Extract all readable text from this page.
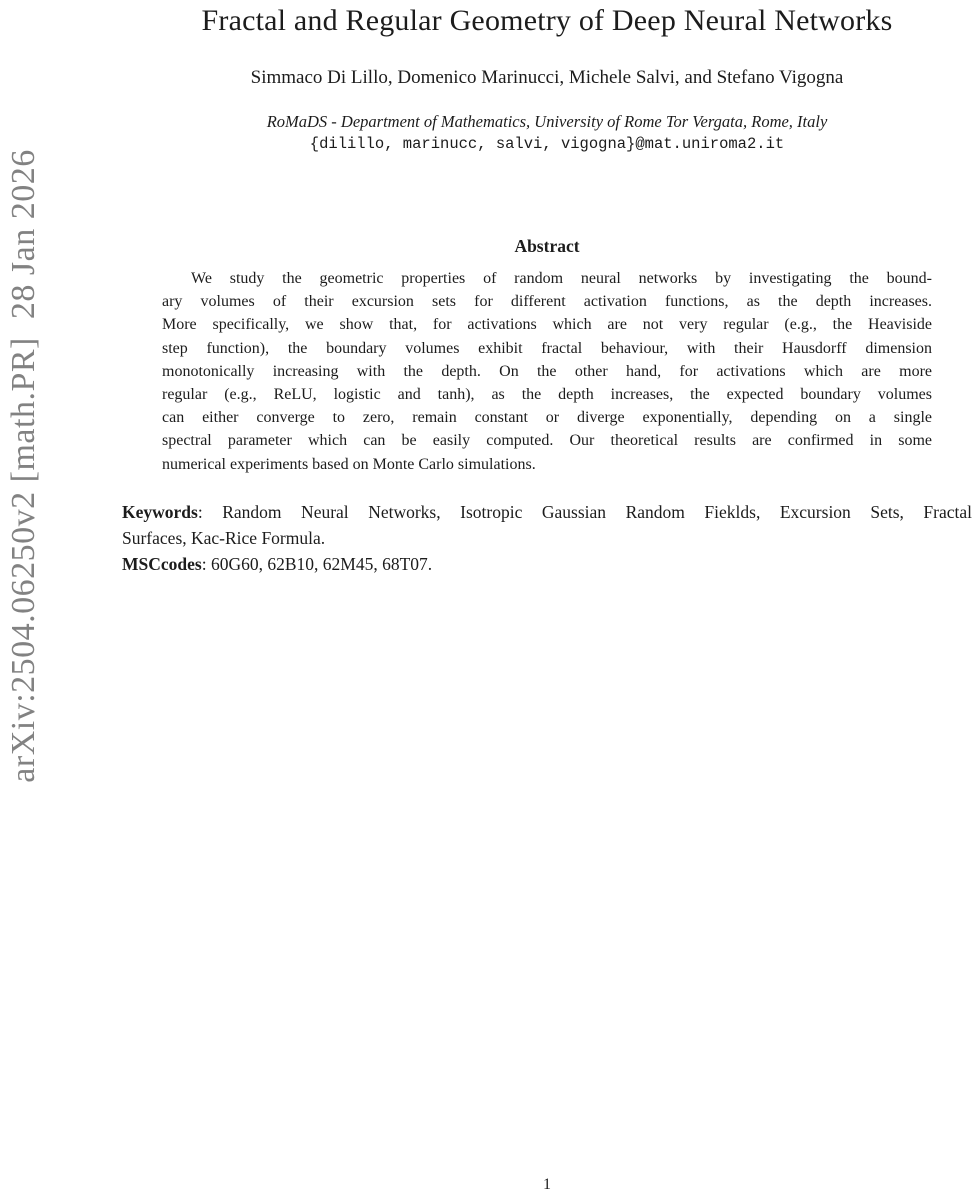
arXiv:2504.06250v2 [math.PR]  28 Jan 2026
Fractal and Regular Geometry of Deep Neural Networks
Simmaco Di Lillo, Domenico Marinucci, Michele Salvi, and Stefano Vigogna
RoMaDS - Department of Mathematics, University of Rome Tor Vergata, Rome, Italy
{dilillo, marinucc, salvi, vigogna}@mat.uniroma2.it
Abstract
We study the geometric properties of random neural networks by investigating the bound-
ary volumes of their excursion sets for different activation functions, as the depth increases.
More specifically, we show that, for activations which are not very regular (e.g., the Heaviside
step function), the boundary volumes exhibit fractal behaviour, with their Hausdorff dimension
monotonically increasing with the depth. On the other hand, for activations which are more
regular (e.g., ReLU, logistic and tanh), as the depth increases, the expected boundary volumes
can either converge to zero, remain constant or diverge exponentially, depending on a single
spectral parameter which can be easily computed. Our theoretical results are confirmed in some
numerical experiments based on Monte Carlo simulations.
Keywords: Random Neural Networks, Isotropic Gaussian Random Fieklds, Excursion Sets, Fractal
Surfaces, Kac-Rice Formula.
MSCcodes: 60G60, 62B10, 62M45, 68T07.
1
